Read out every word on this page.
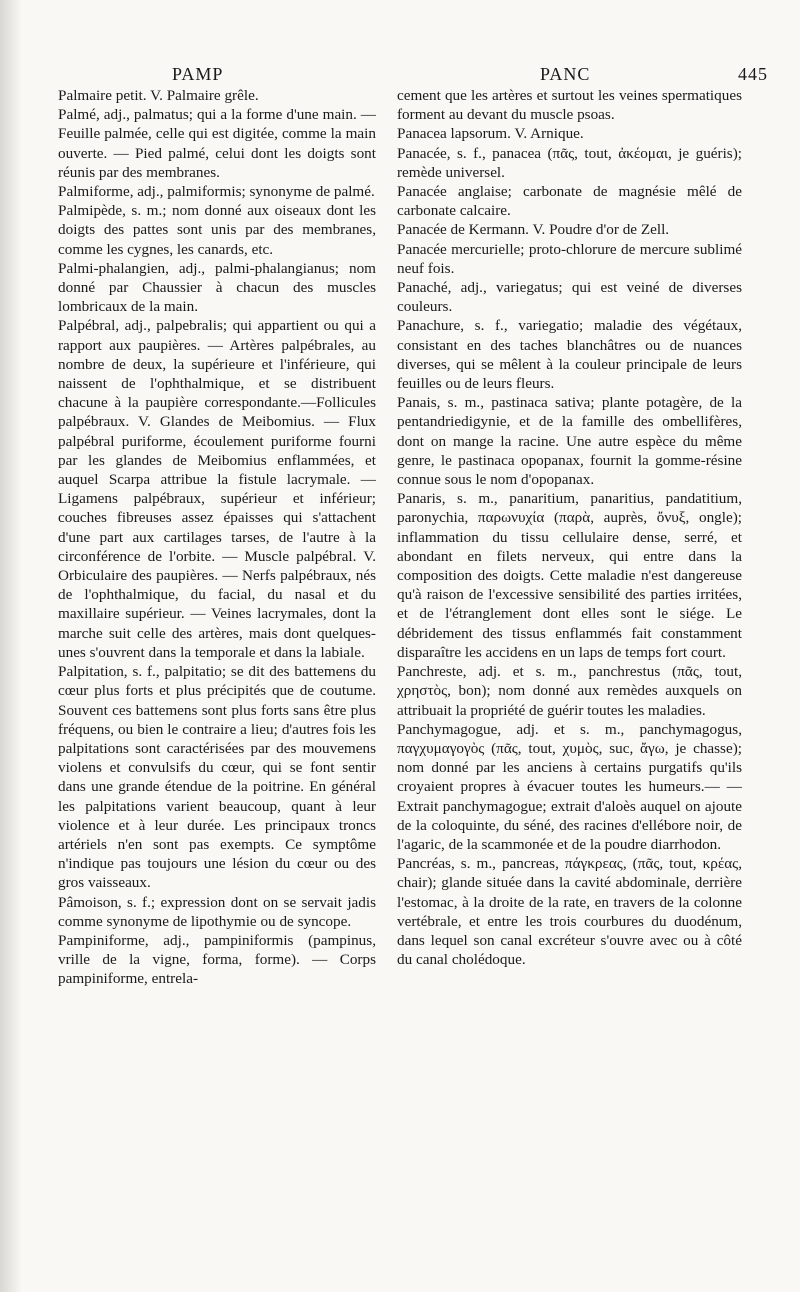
PAMP	PANC	445

Palmaire petit. V. Palmaire grêle.

Palmé, adj., palmatus; qui a la forme d'une main. — Feuille palmée, celle qui est digitée, comme la main ouverte. — Pied palmé, celui dont les doigts sont réunis par des membranes.

Palmiforme, adj., palmiformis; synonyme de palmé.

Palmipède, s. m.; nom donné aux oiseaux dont les doigts des pattes sont unis par des membranes, comme les cygnes, les canards, etc.

Palmi-phalangien, adj., palmi-phalangianus; nom donné par Chaussier à chacun des muscles lombricaux de la main.

Palpébral, adj., palpebralis; qui appartient ou qui a rapport aux paupières. — Artères palpébrales, au nombre de deux, la supérieure et l'inférieure, qui naissent de l'ophthalmique, et se distribuent chacune à la paupière correspondante.—Follicules palpébraux. V. Glandes de Meibomius. — Flux palpébral puriforme, écoulement puriforme fourni par les glandes de Meibomius enflammées, et auquel Scarpa attribue la fistule lacrymale. — Ligamens palpébraux, supérieur et inférieur; couches fibreuses assez épaisses qui s'attachent d'une part aux cartilages tarses, de l'autre à la circonférence de l'orbite. — Muscle palpébral. V. Orbiculaire des paupières. — Nerfs palpébraux, nés de l'ophthalmique, du facial, du nasal et du maxillaire supérieur. — Veines lacrymales, dont la marche suit celle des artères, mais dont quelques-unes s'ouvrent dans la temporale et dans la labiale.

Palpitation, s. f., palpitatio; se dit des battemens du cœur plus forts et plus précipités que de coutume. Souvent ces battemens sont plus forts sans être plus fréquens, ou bien le contraire a lieu; d'autres fois les palpitations sont caractérisées par des mouvemens violens et convulsifs du cœur, qui se font sentir dans une grande étendue de la poitrine. En général les palpitations varient beaucoup, quant à leur violence et à leur durée. Les principaux troncs artériels n'en sont pas exempts. Ce symptôme n'indique pas toujours une lésion du cœur ou des gros vaisseaux.

Pâmoison, s. f.; expression dont on se servait jadis comme synonyme de lipothymie ou de syncope.

Pampiniforme, adj., pampiniformis (pampinus, vrille de la vigne, forma, forme). — Corps pampiniforme, entrela-

cement que les artères et surtout les veines spermatiques forment au devant du muscle psoas.

Panacea lapsorum. V. Arnique.

Panacée, s. f., panacea (πᾶς, tout, ἀκέομαι, je guéris); remède universel.

Panacée anglaise; carbonate de magnésie mêlé de carbonate calcaire.

Panacée de Kermann. V. Poudre d'or de Zell.

Panacée mercurielle; proto-chlorure de mercure sublimé neuf fois.

Panaché, adj., variegatus; qui est veiné de diverses couleurs.

Panachure, s. f., variegatio; maladie des végétaux, consistant en des taches blanchâtres ou de nuances diverses, qui se mêlent à la couleur principale de leurs feuilles ou de leurs fleurs.

Panais, s. m., pastinaca sativa; plante potagère, de la pentandriedigynie, et de la famille des ombellifères, dont on mange la racine. Une autre espèce du même genre, le pastinaca opopanax, fournit la gomme-résine connue sous le nom d'opopanax.

Panaris, s. m., panaritium, panaritius, pandatitium, paronychia, παρωνυχία (παρὰ, auprès, ὄνυξ, ongle); inflammation du tissu cellulaire dense, serré, et abondant en filets nerveux, qui entre dans la composition des doigts. Cette maladie n'est dangereuse qu'à raison de l'excessive sensibilité des parties irritées, et de l'étranglement dont elles sont le siége. Le débridement des tissus enflammés fait constamment disparaître les accidens en un laps de temps fort court.

Panchreste, adj. et s. m., panchrestus (πᾶς, tout, χρηστὸς, bon); nom donné aux remèdes auxquels on attribuait la propriété de guérir toutes les maladies.

Panchymagogue, adj. et s. m., panchymagogus, παγχυμαγογὸς (πᾶς, tout, χυμὸς, suc, ἄγω, je chasse); nom donné par les anciens à certains purgatifs qu'ils croyaient propres à évacuer toutes les humeurs.— — Extrait panchymagogue; extrait d'aloès auquel on ajoute de la coloquinte, du séné, des racines d'ellébore noir, de l'agaric, de la scammonée et de la poudre diarrhodon.

Pancréas, s. m., pancreas, πάγκρεας, (πᾶς, tout, κρέας, chair); glande située dans la cavité abdominale, derrière l'estomac, à la droite de la rate, en travers de la colonne vertébrale, et entre les trois courbures du duodénum, dans lequel son canal excréteur s'ouvre avec ou à côté du canal cholédoque.
